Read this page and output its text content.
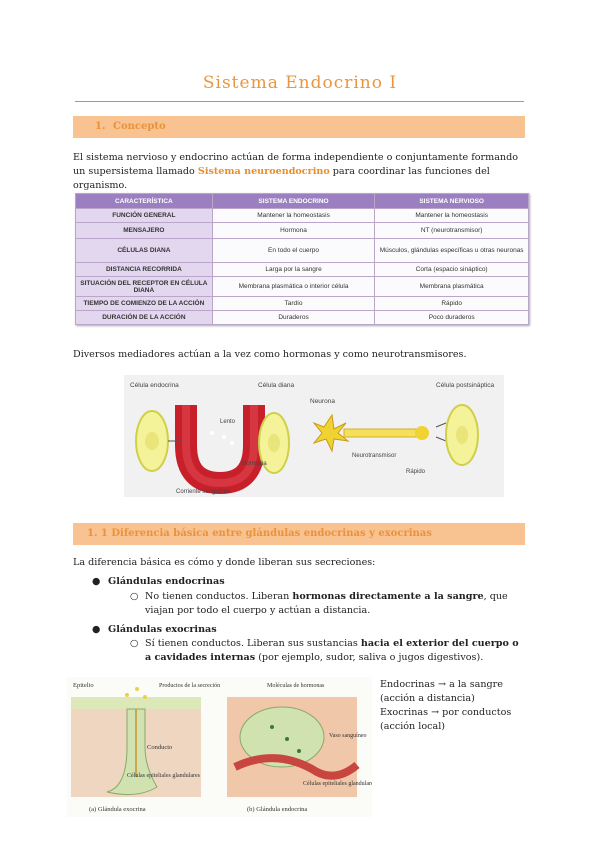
Sistema Endocrino I
1. Concepto
El sistema nervioso y endocrino actúan de forma independiente o conjuntamente formando un supersistema llamado Sistema neuroendocrino para coordinar las funciones del organismo.
CARACTERÍSTICA	SISTEMA ENDOCRINO	SISTEMA NERVIOSO
FUNCIÓN GENERAL	Mantener la homeostasis	Mantener la homeostasis
MENSAJERO	Hormona	NT (neurotransmisor)
CÉLULAS DIANA	En todo el cuerpo	Músculos, glándulas específicas u otras neuronas
DISTANCIA RECORRIDA	Larga por la sangre	Corta (espacio sináptico)
SITUACIÓN DEL RECEPTOR EN CÉLULA DIANA	Membrana plasmática o interior célula	Membrana plasmática
TIEMPO DE COMIENZO DE LA ACCIÓN	Tardío	Rápido
DURACIÓN DE LA ACCIÓN	Duraderos	Poco duraderos
Diversos mediadores actúan a la vez como hormonas y como neurotransmisores.
Célula endocrina
Lento
Hormona
Corriente sanguínea
Célula diana
Neurona
Neurotransmisor
Rápido
Célula postsináptica
1. 1 Diferencia básica entre glándulas endocrinas y exocrinas
La diferencia básica es cómo y donde liberan sus secreciones:
● Glándulas endocrinas
○ No tienen conductos. Liberan hormonas directamente a la sangre, que viajan por todo el cuerpo y actúan a distancia.
● Glándulas exocrinas
○ Sí tienen conductos. Liberan sus sustancias hacia el exterior del cuerpo o a cavidades internas (por ejemplo, sudor, saliva o jugos digestivos).
Epitelio	Productos de la secreción
Conducto
Células epiteliales glandulares
(a) Glándula exocrina
Moléculas de hormonas
Vaso sanguíneo
Células epiteliales glandulares
(b) Glándula endocrina
Endocrinas → a la sangre
(acción a distancia)
Exocrinas → por conductos
(acción local)
